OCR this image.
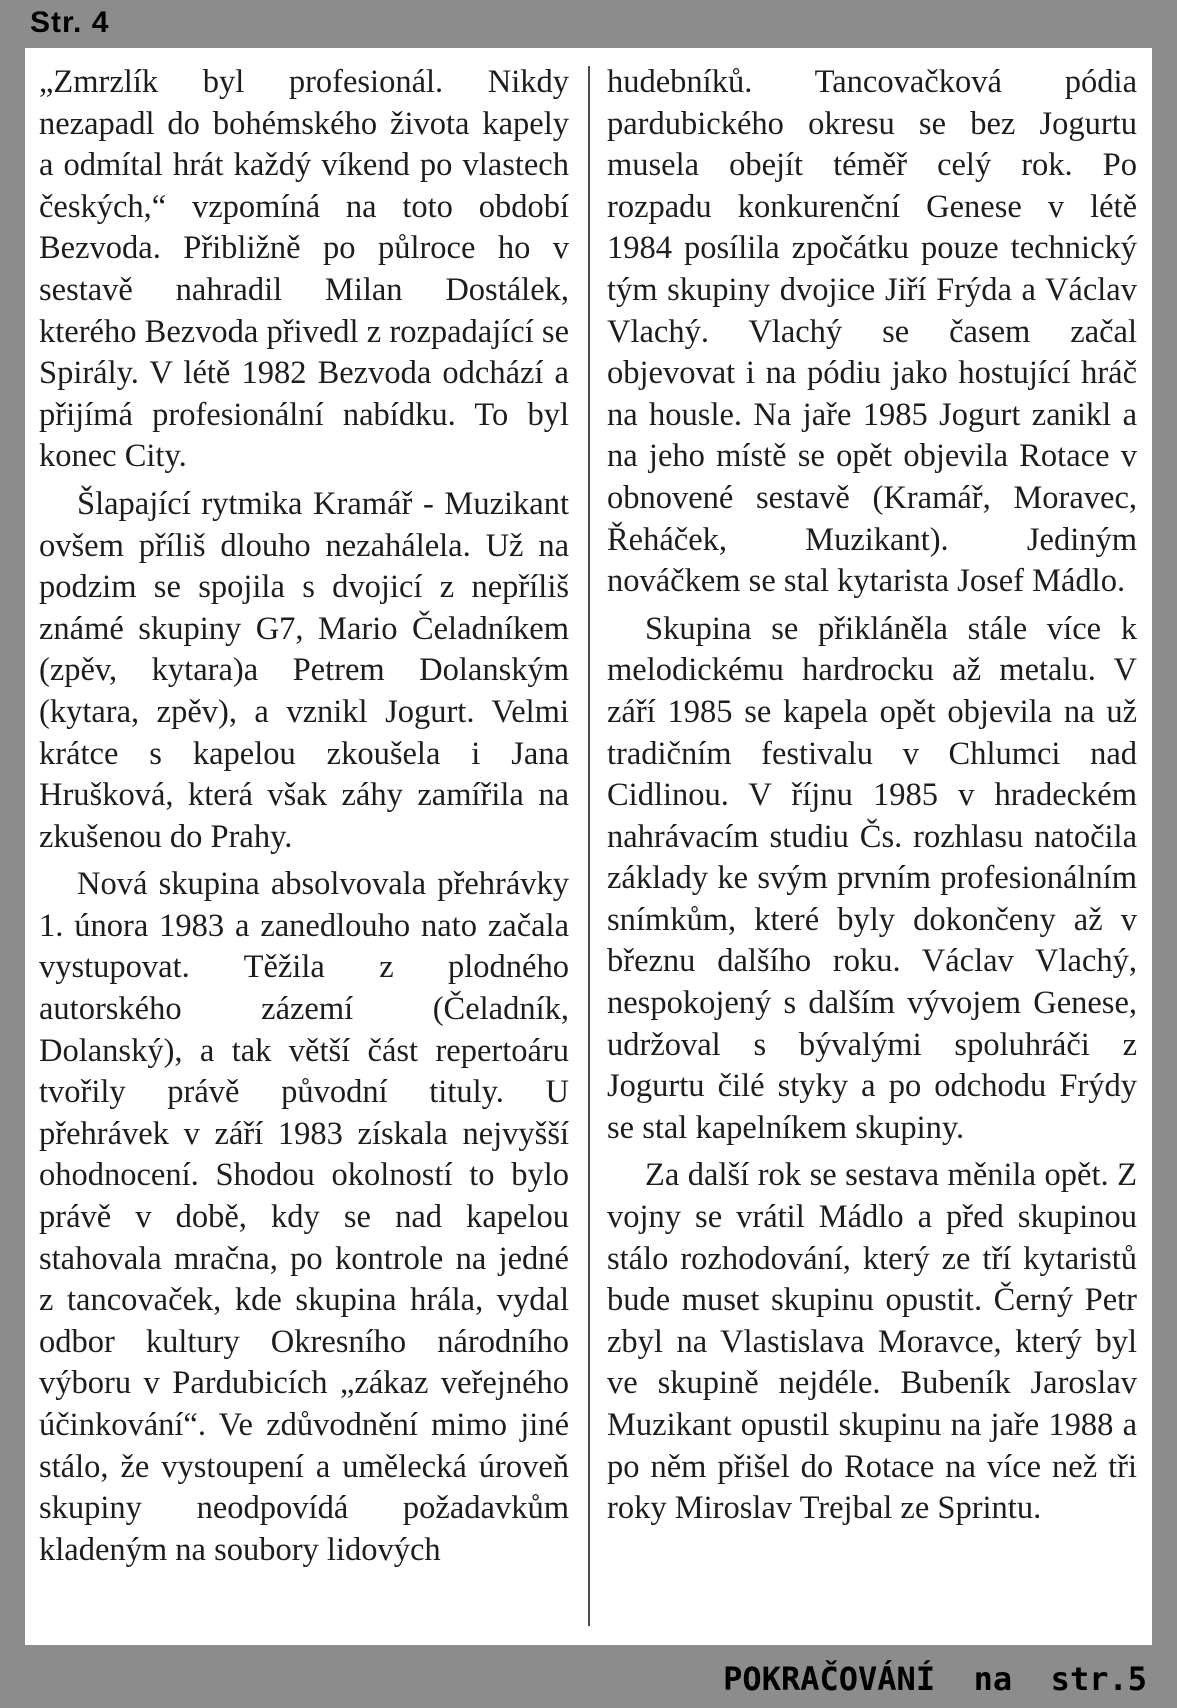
Str. 4

„Zmrzlík byl profesionál. Nikdy nezapadl do bohémského života kapely a odmítal hrát každý víkend po vlastech českých,“ vzpomíná na toto období Bezvoda. Přibližně po půlroce ho v sestavě nahradil Milan Dostálek, kterého Bezvoda přivedl z rozpadající se Spirály. V létě 1982 Bezvoda odchází a přijímá profesionální nabídku. To byl konec City.

Šlapající rytmika Kramář - Muzikant ovšem příliš dlouho nezahálela. Už na podzim se spojila s dvojicí z nepříliš známé skupiny G7, Mario Čeladníkem (zpěv, kytara)a Petrem Dolanským (kytara, zpěv), a vznikl Jogurt. Velmi krátce s kapelou zkoušela i Jana Hrušková, která však záhy zamířila na zkušenou do Prahy.

Nová skupina absolvovala přehrávky 1. února 1983 a zanedlouho nato začala vystupovat. Těžila z plodného autorského zázemí (Čeladník, Dolanský), a tak větší část repertoáru tvořily právě původní tituly. U přehrávek v září 1983 získala nejvyšší ohodnocení. Shodou okolností to bylo právě v době, kdy se nad kapelou stahovala mračna, po kontrole na jedné z tancovaček, kde skupina hrála, vydal odbor kultury Okresního národního výboru v Pardubicích „zákaz veřejného účinkování“. Ve zdůvodnění mimo jiné stálo, že vystoupení a umělecká úroveň skupiny neodpovídá požadavkům kladeným na soubory lidových

hudebníků. Tancovačková pódia pardubického okresu se bez Jogurtu musela obejít téměř celý rok. Po rozpadu konkurenční Genese v létě 1984 posílila zpočátku pouze technický tým skupiny dvojice Jiří Frýda a Václav Vlachý. Vlachý se časem začal objevovat i na pódiu jako hostující hráč na housle. Na jaře 1985 Jogurt zanikl a na jeho místě se opět objevila Rotace v obnovené sestavě (Kramář, Moravec, Řeháček, Muzikant). Jediným nováčkem se stal kytarista Josef Mádlo.

Skupina se přikláněla stále více k melodickému hardrocku až metalu. V září 1985 se kapela opět objevila na už tradičním festivalu v Chlumci nad Cidlinou. V říjnu 1985 v hradeckém nahrávacím studiu Čs. rozhlasu natočila základy ke svým prvním profesionálním snímkům, které byly dokončeny až v březnu dalšího roku. Václav Vlachý, nespokojený s dalším vývojem Genese, udržoval s bývalými spoluhráči z Jogurtu čilé styky a po odchodu Frýdy se stal kapelníkem skupiny.

Za další rok se sestava měnila opět. Z vojny se vrátil Mádlo a před skupinou stálo rozhodování, který ze tří kytaristů bude muset skupinu opustit. Černý Petr zbyl na Vlastislava Moravce, který byl ve skupině nejdéle. Bubeník Jaroslav Muzikant opustil skupinu na jaře 1988 a po něm přišel do Rotace na více než tři roky Miroslav Trejbal ze Sprintu.

POKRAČOVÁNÍ  na  str.5
